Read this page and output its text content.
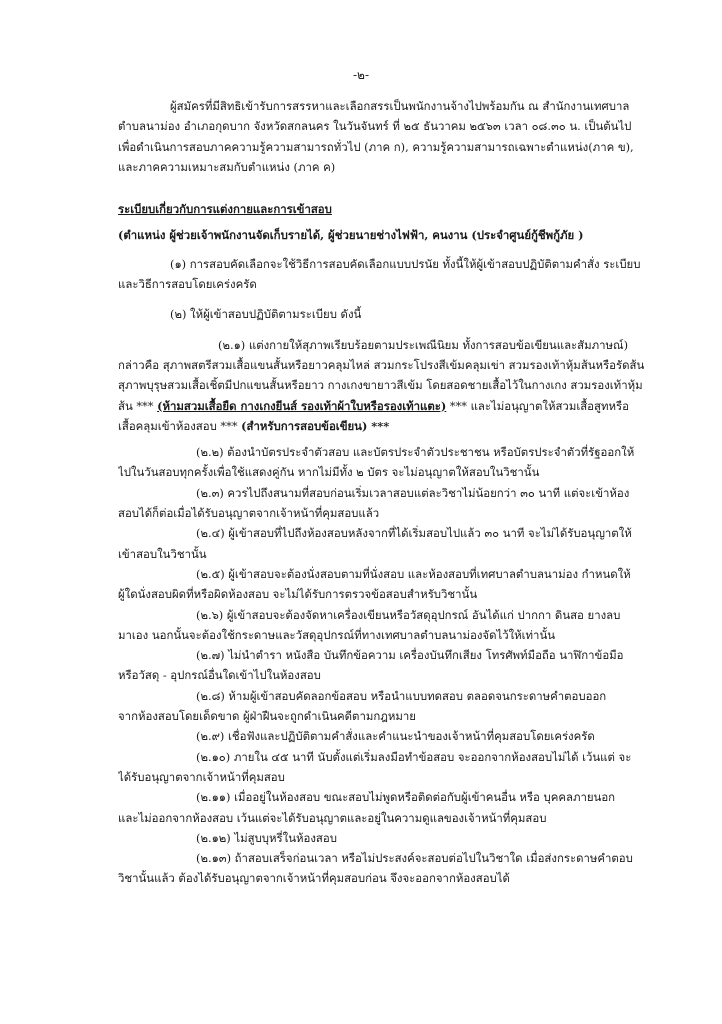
-๒-

ผู้สมัครที่มีสิทธิเข้ารับการสรรหาและเลือกสรรเป็นพนักงานจ้างไปพร้อมกัน ณ สำนักงานเทศบาล

ตำบลนาม่อง อำเภอกุดบาก จังหวัดสกลนคร ในวันจันทร์ ที่ ๒๕ ธันวาคม ๒๕๖๓ เวลา ๐๘.๓๐ น. เป็นต้นไป

เพื่อดำเนินการสอบภาคความรู้ความสามารถทั่วไป (ภาค ก), ความรู้ความสามารถเฉพาะตำแหน่ง(ภาค ข),

และภาคความเหมาะสมกับตำแหน่ง (ภาค ค)

ระเบียบเกี่ยวกับการแต่งกายและการเข้าสอบ

(ตำแหน่ง ผู้ช่วยเจ้าพนักงานจัดเก็บรายได้, ผู้ช่วยนายช่างไฟฟ้า, คนงาน (ประจำศูนย์กู้ชีพกู้ภัย )

(๑) การสอบคัดเลือกจะใช้วิธีการสอบคัดเลือกแบบปรนัย ทั้งนี้ให้ผู้เข้าสอบปฏิบัติตามคำสั่ง ระเบียบ

และวิธีการสอบโดยเคร่งครัด

(๒) ให้ผู้เข้าสอบปฏิบัติตามระเบียบ ดังนี้

(๒.๑) แต่งกายให้สุภาพเรียบร้อยตามประเพณีนิยม ทั้งการสอบข้อเขียนและสัมภาษณ์)

กล่าวคือ สุภาพสตรีสวมเสื้อแขนสั้นหรือยาวคลุมไหล่ สวมกระโปรงสีเข้มคลุมเข่า สวมรองเท้าหุ้มส้นหรือรัดส้น

สุภาพบุรุษสวมเสื้อเชิ้ตมีปกแขนสั้นหรือยาว กางเกงขายาวสีเข้ม โดยสอดชายเสื้อไว้ในกางเกง สวมรองเท้าหุ้ม

ส้น *** (ห้ามสวมเสื้อยืด กางเกงยีนส์ รองเท้าผ้าใบหรือรองเท้าแตะ) *** และไม่อนุญาตให้สวมเสื้อสูทหรือ

เสื้อคลุมเข้าห้องสอบ *** (สำหรับการสอบข้อเขียน) ***

(๒.๒) ต้องนำบัตรประจำตัวสอบ และบัตรประจำตัวประชาชน หรือบัตรประจำตัวที่รัฐออกให้

ไปในวันสอบทุกครั้งเพื่อใช้แสดงคู่กัน หากไม่มีทั้ง ๒ บัตร จะไม่อนุญาตให้สอบในวิชานั้น

(๒.๓) ควรไปถึงสนามที่สอบก่อนเริ่มเวลาสอบแต่ละวิชาไม่น้อยกว่า ๓๐ นาที แต่จะเข้าห้อง

สอบได้ก็ต่อเมื่อได้รับอนุญาตจากเจ้าหน้าที่คุมสอบแล้ว

(๒.๔) ผู้เข้าสอบที่ไปถึงห้องสอบหลังจากที่ได้เริ่มสอบไปแล้ว ๓๐ นาที จะไม่ได้รับอนุญาตให้

เข้าสอบในวิชานั้น

(๒.๕) ผู้เข้าสอบจะต้องนั่งสอบตามที่นั่งสอบ และห้องสอบที่เทศบาลตำบลนาม่อง กำหนดให้

ผู้ใดนั่งสอบผิดที่หรือผิดห้องสอบ จะไม่ได้รับการตรวจข้อสอบสำหรับวิชานั้น

(๒.๖) ผู้เข้าสอบจะต้องจัดหาเครื่องเขียนหรือวัสดุอุปกรณ์ อันได้แก่ ปากกา ดินสอ ยางลบ

มาเอง นอกนั้นจะต้องใช้กระดาษและวัสดุอุปกรณ์ที่ทางเทศบาลตำบลนาม่องจัดไว้ให้เท่านั้น

(๒.๗) ไม่นำตำรา หนังสือ บันทึกข้อความ เครื่องบันทึกเสียง โทรศัพท์มือถือ นาฬิกาข้อมือ

หรือวัสดุ - อุปกรณ์อื่นใดเข้าไปในห้องสอบ

(๒.๘) ห้ามผู้เข้าสอบคัดลอกข้อสอบ หรือนำแบบทดสอบ ตลอดจนกระดาษคำตอบออก

จากห้องสอบโดยเด็ดขาด ผู้ฝ่าฝืนจะถูกดำเนินคดีตามกฎหมาย

(๒.๙) เชื่อฟังและปฏิบัติตามคำสั่งและคำแนะนำของเจ้าหน้าที่คุมสอบโดยเคร่งครัด

(๒.๑๐) ภายใน ๔๕ นาที นับตั้งแต่เริ่มลงมือทำข้อสอบ จะออกจากห้องสอบไม่ได้ เว้นแต่ จะ

ได้รับอนุญาตจากเจ้าหน้าที่คุมสอบ

(๒.๑๑) เมื่ออยู่ในห้องสอบ ขณะสอบไม่พูดหรือติดต่อกับผู้เข้าคนอื่น หรือ บุคคลภายนอก

และไม่ออกจากห้องสอบ เว้นแต่จะได้รับอนุญาตและอยู่ในความดูแลของเจ้าหน้าที่คุมสอบ

(๒.๑๒) ไม่สูบบุหรี่ในห้องสอบ

(๒.๑๓) ถ้าสอบเสร็จก่อนเวลา หรือไม่ประสงค์จะสอบต่อไปในวิชาใด เมื่อส่งกระดาษคำตอบ

วิชานั้นแล้ว ต้องได้รับอนุญาตจากเจ้าหน้าที่คุมสอบก่อน จึงจะออกจากห้องสอบได้
